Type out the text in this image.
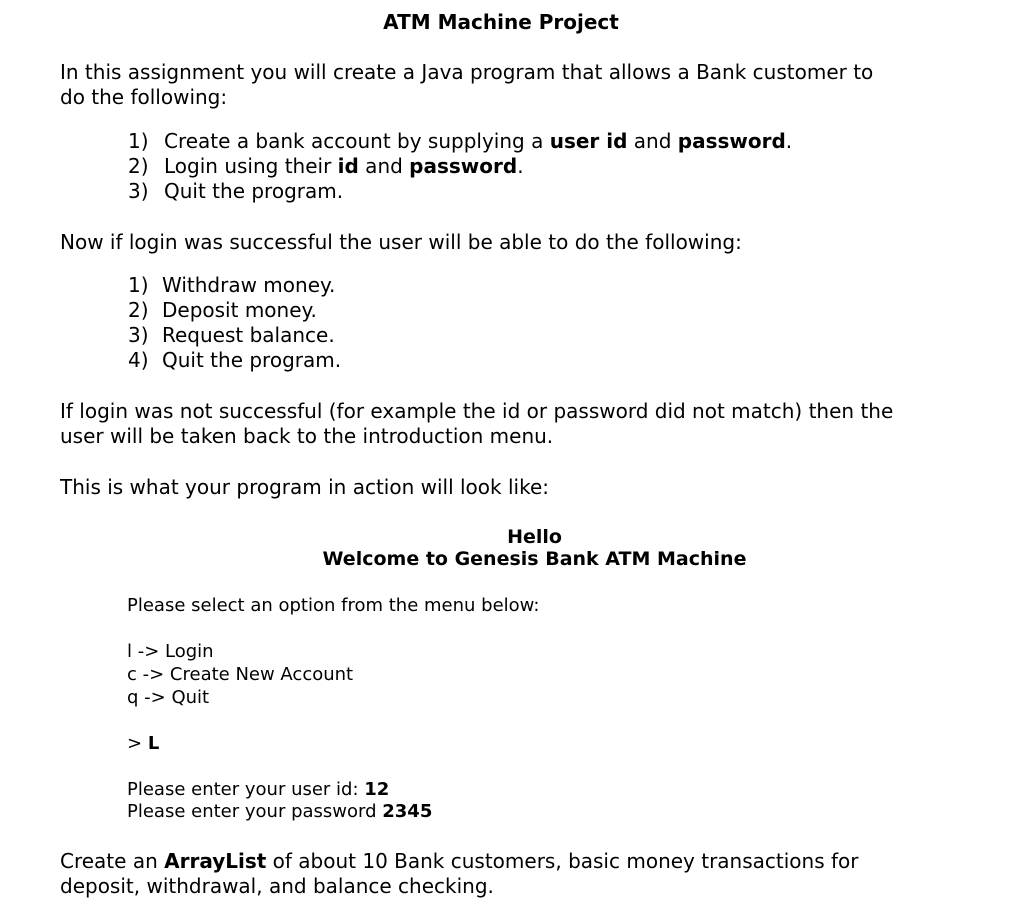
ATM Machine Project

In this assignment you will create a Java program that allows a Bank customer to
do the following:

1) Create a bank account by supplying a user id and password.
2) Login using their id and password.
3) Quit the program.

Now if login was successful the user will be able to do the following:

1) Withdraw money.
2) Deposit money.
3) Request balance.
4) Quit the program.

If login was not successful (for example the id or password did not match) then the
user will be taken back to the introduction menu.

This is what your program in action will look like:

Hello
Welcome to Genesis Bank ATM Machine
Please select an option from the menu below:
l -> Login
c -> Create New Account
q -> Quit
> L
Please enter your user id: 12
Please enter your password 2345

Create an ArrayList of about 10 Bank customers, basic money transactions for
deposit, withdrawal, and balance checking.
